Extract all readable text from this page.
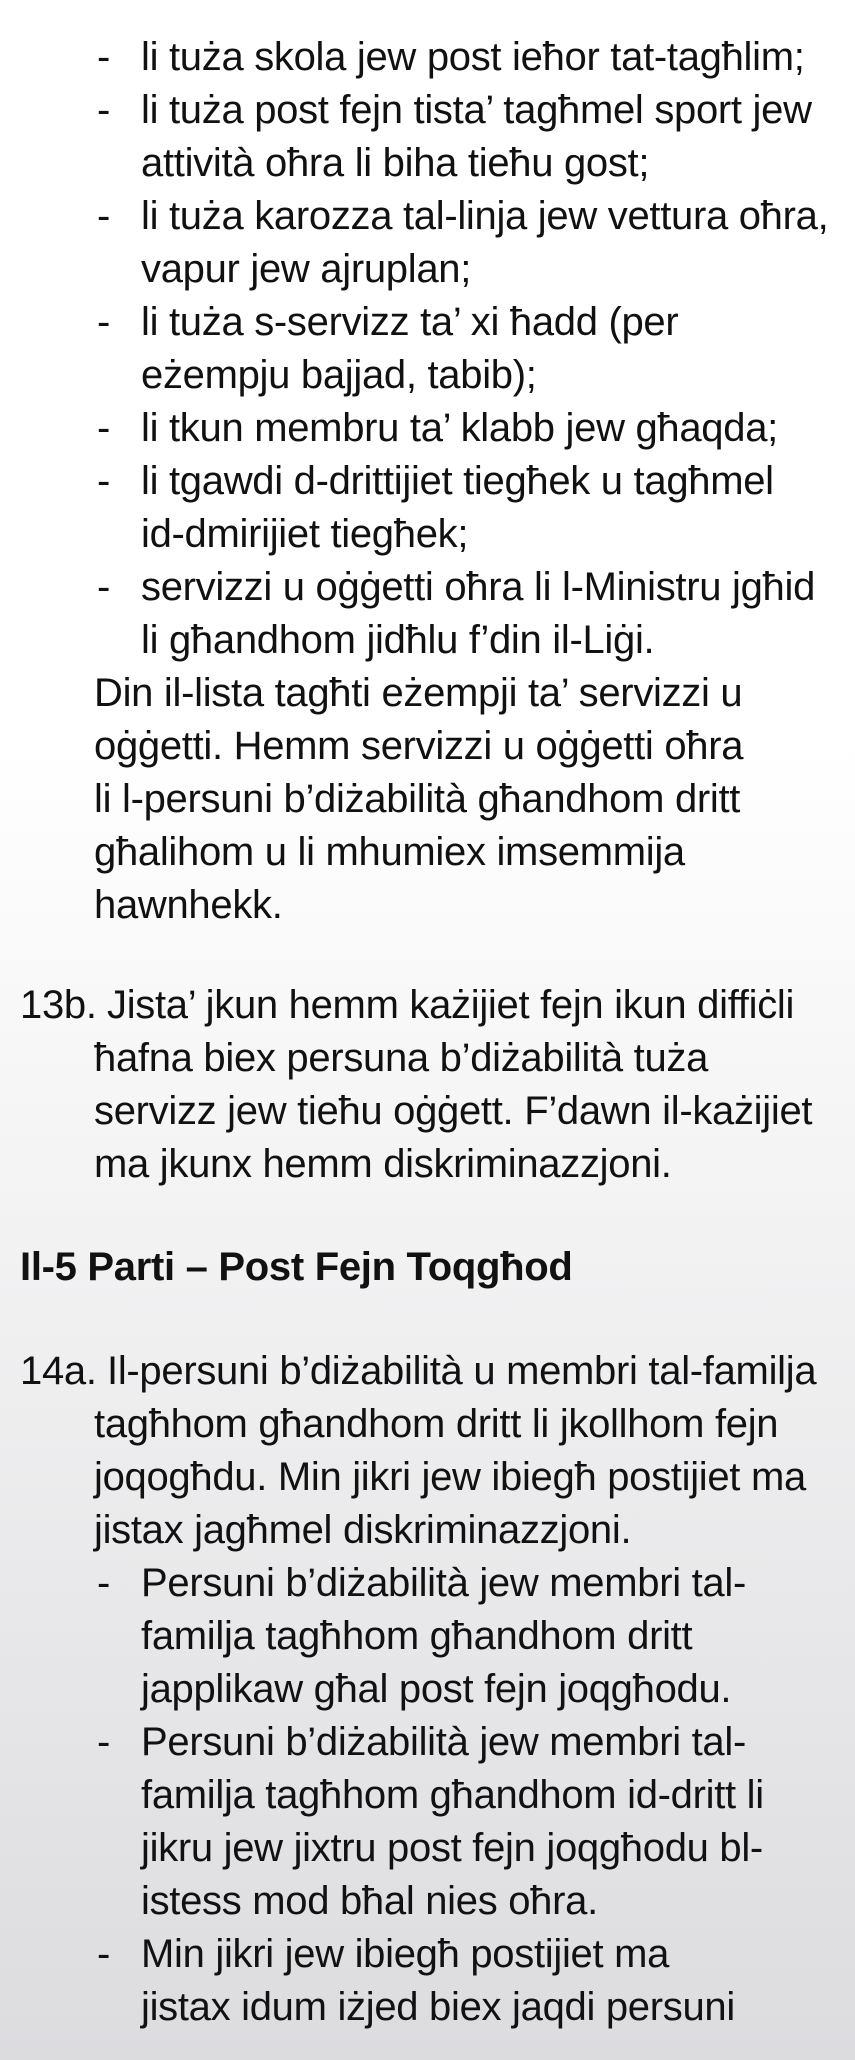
- li tuża skola jew post ieħor tat-tagħlim;
- li tuża post fejn tista’ tagħmel sport jew
attività oħra li biha tieħu gost;
- li tuża karozza tal-linja jew vettura oħra,
vapur jew ajruplan;
- li tuża s-servizz ta’ xi ħadd (per
eżempju bajjad, tabib);
- li tkun membru ta’ klabb jew għaqda;
- li tgawdi d-drittijiet tiegħek u tagħmel
id-dmirijiet tiegħek;
- servizzi u oġġetti oħra li l-Ministru jgħid
li għandhom jidħlu f’din il-Liġi.
Din il-lista tagħti eżempji ta’ servizzi u
oġġetti. Hemm servizzi u oġġetti oħra
li l-persuni b’diżabilità għandhom dritt
għalihom u li mhumiex imsemmija
hawnhekk.
13b. Jista’ jkun hemm każijiet fejn ikun diffiċli
ħafna biex persuna b’diżabilità tuża
servizz jew tieħu oġġett. F’dawn il-każijiet
ma jkunx hemm diskriminazzjoni.
Il-5 Parti – Post Fejn Toqgħod
14a. Il-persuni b’diżabilità u membri tal-familja
tagħhom għandhom dritt li jkollhom fejn
joqogħdu. Min jikri jew ibiegħ postijiet ma
jistax jagħmel diskriminazzjoni.
- Persuni b’diżabilità jew membri tal-
familja tagħhom għandhom dritt
japplikaw għal post fejn joqgħodu.
- Persuni b’diżabilità jew membri tal-
familja tagħhom għandhom id-dritt li
jikru jew jixtru post fejn joqgħodu bl-
istess mod bħal nies oħra.
- Min jikri jew ibiegħ postijiet ma
jistax idum iżjed biex jaqdi persuni
